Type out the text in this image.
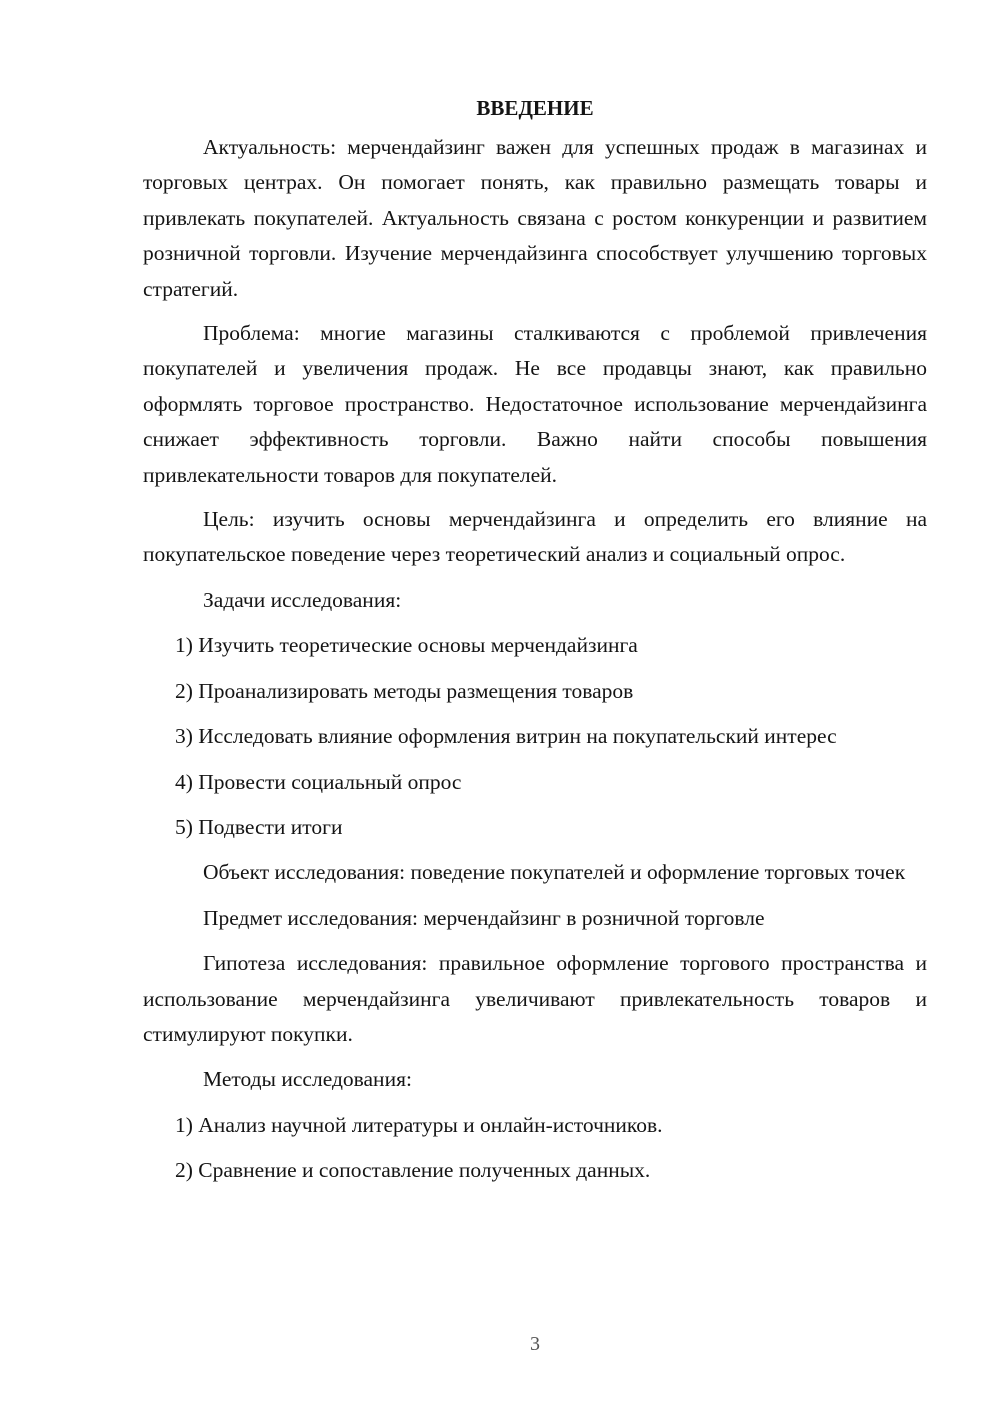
ВВЕДЕНИЕ

Актуальность: мерчендайзинг важен для успешных продаж в магазинах и торговых центрах. Он помогает понять, как правильно размещать товары и привлекать покупателей. Актуальность связана с ростом конкуренции и развитием розничной торговли. Изучение мерчендайзинга способствует улучшению торговых стратегий.

Проблема: многие магазины сталкиваются с проблемой привлечения покупателей и увеличения продаж. Не все продавцы знают, как правильно оформлять торговое пространство. Недостаточное использование мерчендайзинга снижает эффективность торговли. Важно найти способы повышения привлекательности товаров для покупателей.

Цель: изучить основы мерчендайзинга и определить его влияние на покупательское поведение через теоретический анализ и социальный опрос.

Задачи исследования:

1) Изучить теоретические основы мерчендайзинга

2) Проанализировать методы размещения товаров

3) Исследовать влияние оформления витрин на покупательский интерес

4) Провести социальный опрос

5) Подвести итоги

Объект исследования: поведение покупателей и оформление торговых точек

Предмет исследования: мерчендайзинг в розничной торговле

Гипотеза исследования: правильное оформление торгового пространства и использование мерчендайзинга увеличивают привлекательность товаров и стимулируют покупки.

Методы исследования:

1) Анализ научной литературы и онлайн-источников.

2) Сравнение и сопоставление полученных данных.

3
